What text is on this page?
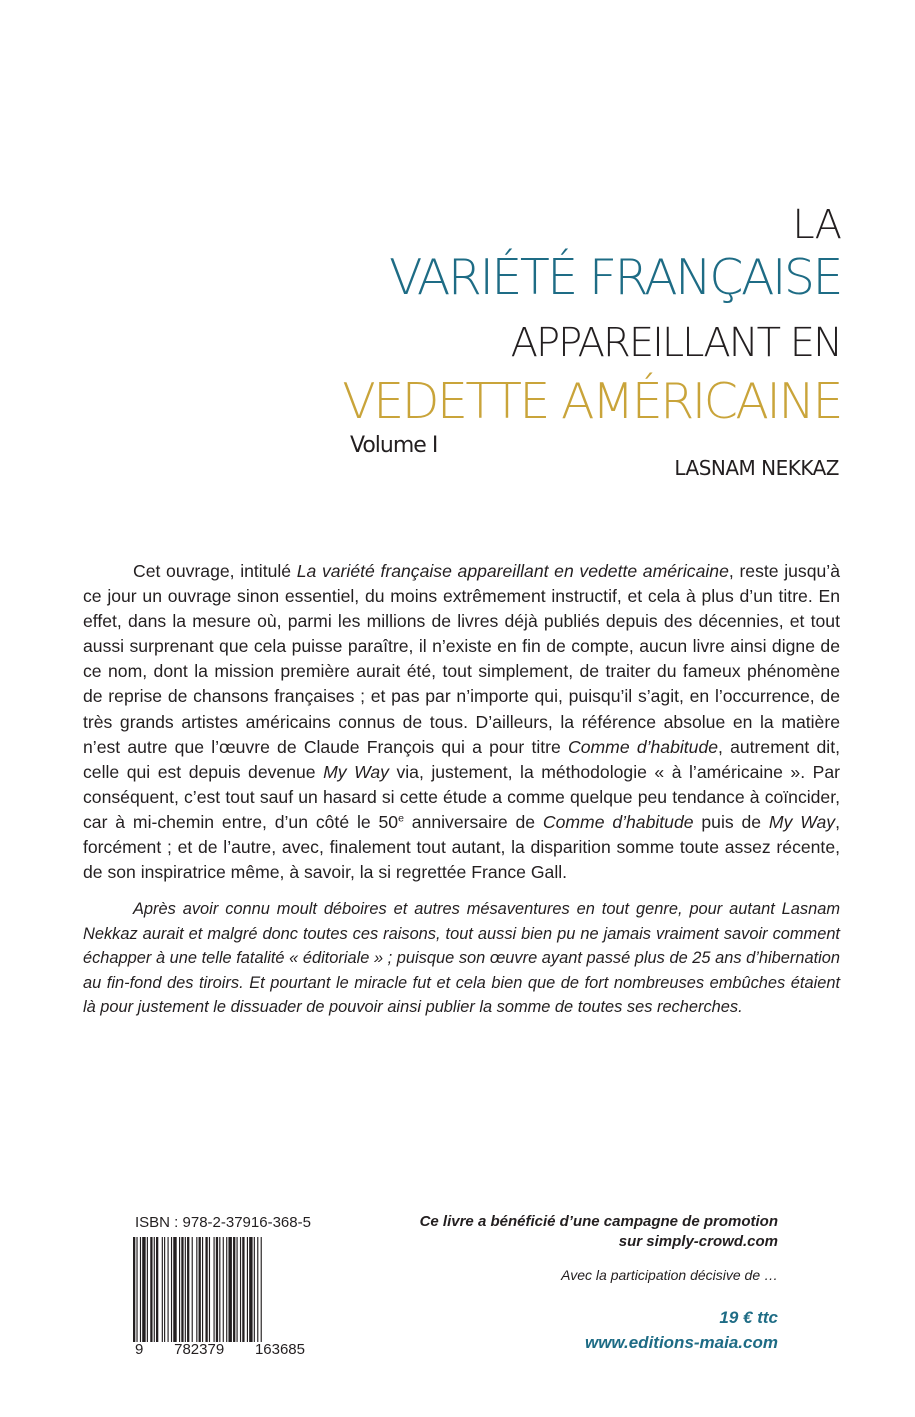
LA
VARIÉTÉ FRANÇAISE
APPAREILLANT EN
VEDETTE AMÉRICAINE
Volume I
LASNAM NEKKAZ

Cet ouvrage, intitulé La variété française appareillant en vedette américaine, reste jusqu’à ce jour un ouvrage sinon essentiel, du moins extrêmement instructif, et cela à plus d’un titre. En effet, dans la mesure où, parmi les millions de livres déjà publiés depuis des décennies, et tout aussi surprenant que cela puisse paraître, il n’existe en fin de compte, aucun livre ainsi digne de ce nom, dont la mission première aurait été, tout simplement, de traiter du fameux phénomène de reprise de chansons françaises ; et pas par n’importe qui, puisqu’il s’agit, en l’occurrence, de très grands artistes américains connus de tous. D’ailleurs, la référence absolue en la matière n’est autre que l’œuvre de Claude François qui a pour titre Comme d’habitude, autrement dit, celle qui est depuis devenue My Way via, justement, la méthodologie « à l’américaine ». Par conséquent, c’est tout sauf un hasard si cette étude a comme quelque peu tendance à coïncider, car à mi-chemin entre, d’un côté le 50e anniversaire de Comme d’habitude puis de My Way, forcément ; et de l’autre, avec, finalement tout autant, la disparition somme toute assez récente, de son inspiratrice même, à savoir, la si regrettée France Gall.

Après avoir connu moult déboires et autres mésaventures en tout genre, pour autant Lasnam Nekkaz aurait et malgré donc toutes ces raisons, tout aussi bien pu ne jamais vraiment savoir comment échapper à une telle fatalité « éditoriale » ; puisque son œuvre ayant passé plus de 25 ans d’hibernation au fin-fond des tiroirs. Et pourtant le miracle fut et cela bien que de fort nombreuses embûches étaient là pour justement le dissuader de pouvoir ainsi publier la somme de toutes ses recherches.

ISBN : 978-2-37916-368-5
9 782379 163685
Ce livre a bénéficié d’une campagne de promotion
sur simply-crowd.com
Avec la participation décisive de …
19 € ttc
www.editions-maia.com
